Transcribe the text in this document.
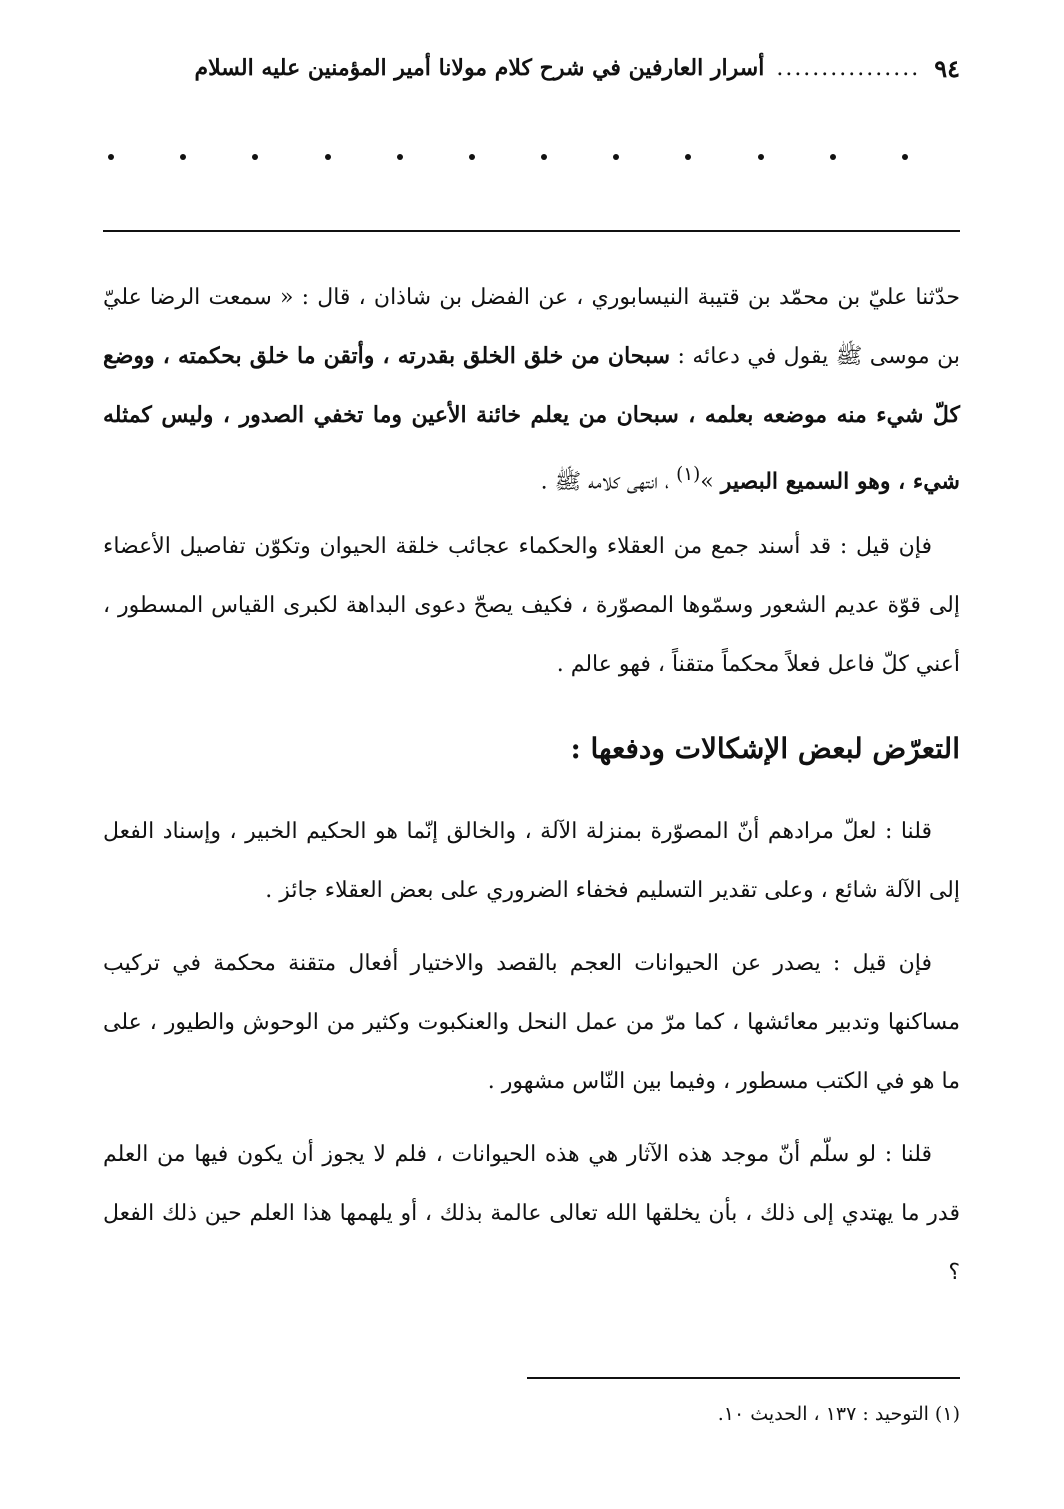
٩٤
................
أسرار العارفين في شرح كلام مولانا أمير المؤمنين عليه السلام

حدّثنا عليّ بن محمّد بن قتيبة النيسابوري ، عن الفضل بن شاذان ، قال : « سمعت الرضا عليّ بن موسى ﷺ يقول في دعائه : سبحان من خلق الخلق بقدرته ، وأتقن ما خلق بحكمته ، ووضع كلّ شيء منه موضعه بعلمه ، سبحان من يعلم خائنة الأعين وما تخفي الصدور ، وليس كمثله شيء ، وهو السميع البصير »$^{(١)}$ ، انتهى كلامه ﷺ .

فإن قيل : قد أسند جمع من العقلاء والحكماء عجائب خلقة الحيوان وتكوّن تفاصيل الأعضاء إلى قوّة عديم الشعور وسمّوها المصوّرة ، فكيف يصحّ دعوى البداهة لكبرى القياس المسطور ، أعني كلّ فاعل فعلاً محكماً متقناً ، فهو عالم .

التعرّض لبعض الإشكالات ودفعها :

قلنا : لعلّ مرادهم أنّ المصوّرة بمنزلة الآلة ، والخالق إنّما هو الحكيم الخبير ، وإسناد الفعل إلى الآلة شائع ، وعلى تقدير التسليم فخفاء الضروري على بعض العقلاء جائز .

فإن قيل : يصدر عن الحيوانات العجم بالقصد والاختيار أفعال متقنة محكمة في تركيب مساكنها وتدبير معائشها ، كما مرّ من عمل النحل والعنكبوت وكثير من الوحوش والطيور ، على ما هو في الكتب مسطور ، وفيما بين النّاس مشهور .

قلنا : لو سلّم أنّ موجد هذه الآثار هي هذه الحيوانات ، فلم لا يجوز أن يكون فيها من العلم قدر ما يهتدي إلى ذلك ، بأن يخلقها الله تعالى عالمة بذلك ، أو يلهمها هذا العلم حين ذلك الفعل ؟

(١) التوحيد : ١٣٧ ، الحديث ١٠.
